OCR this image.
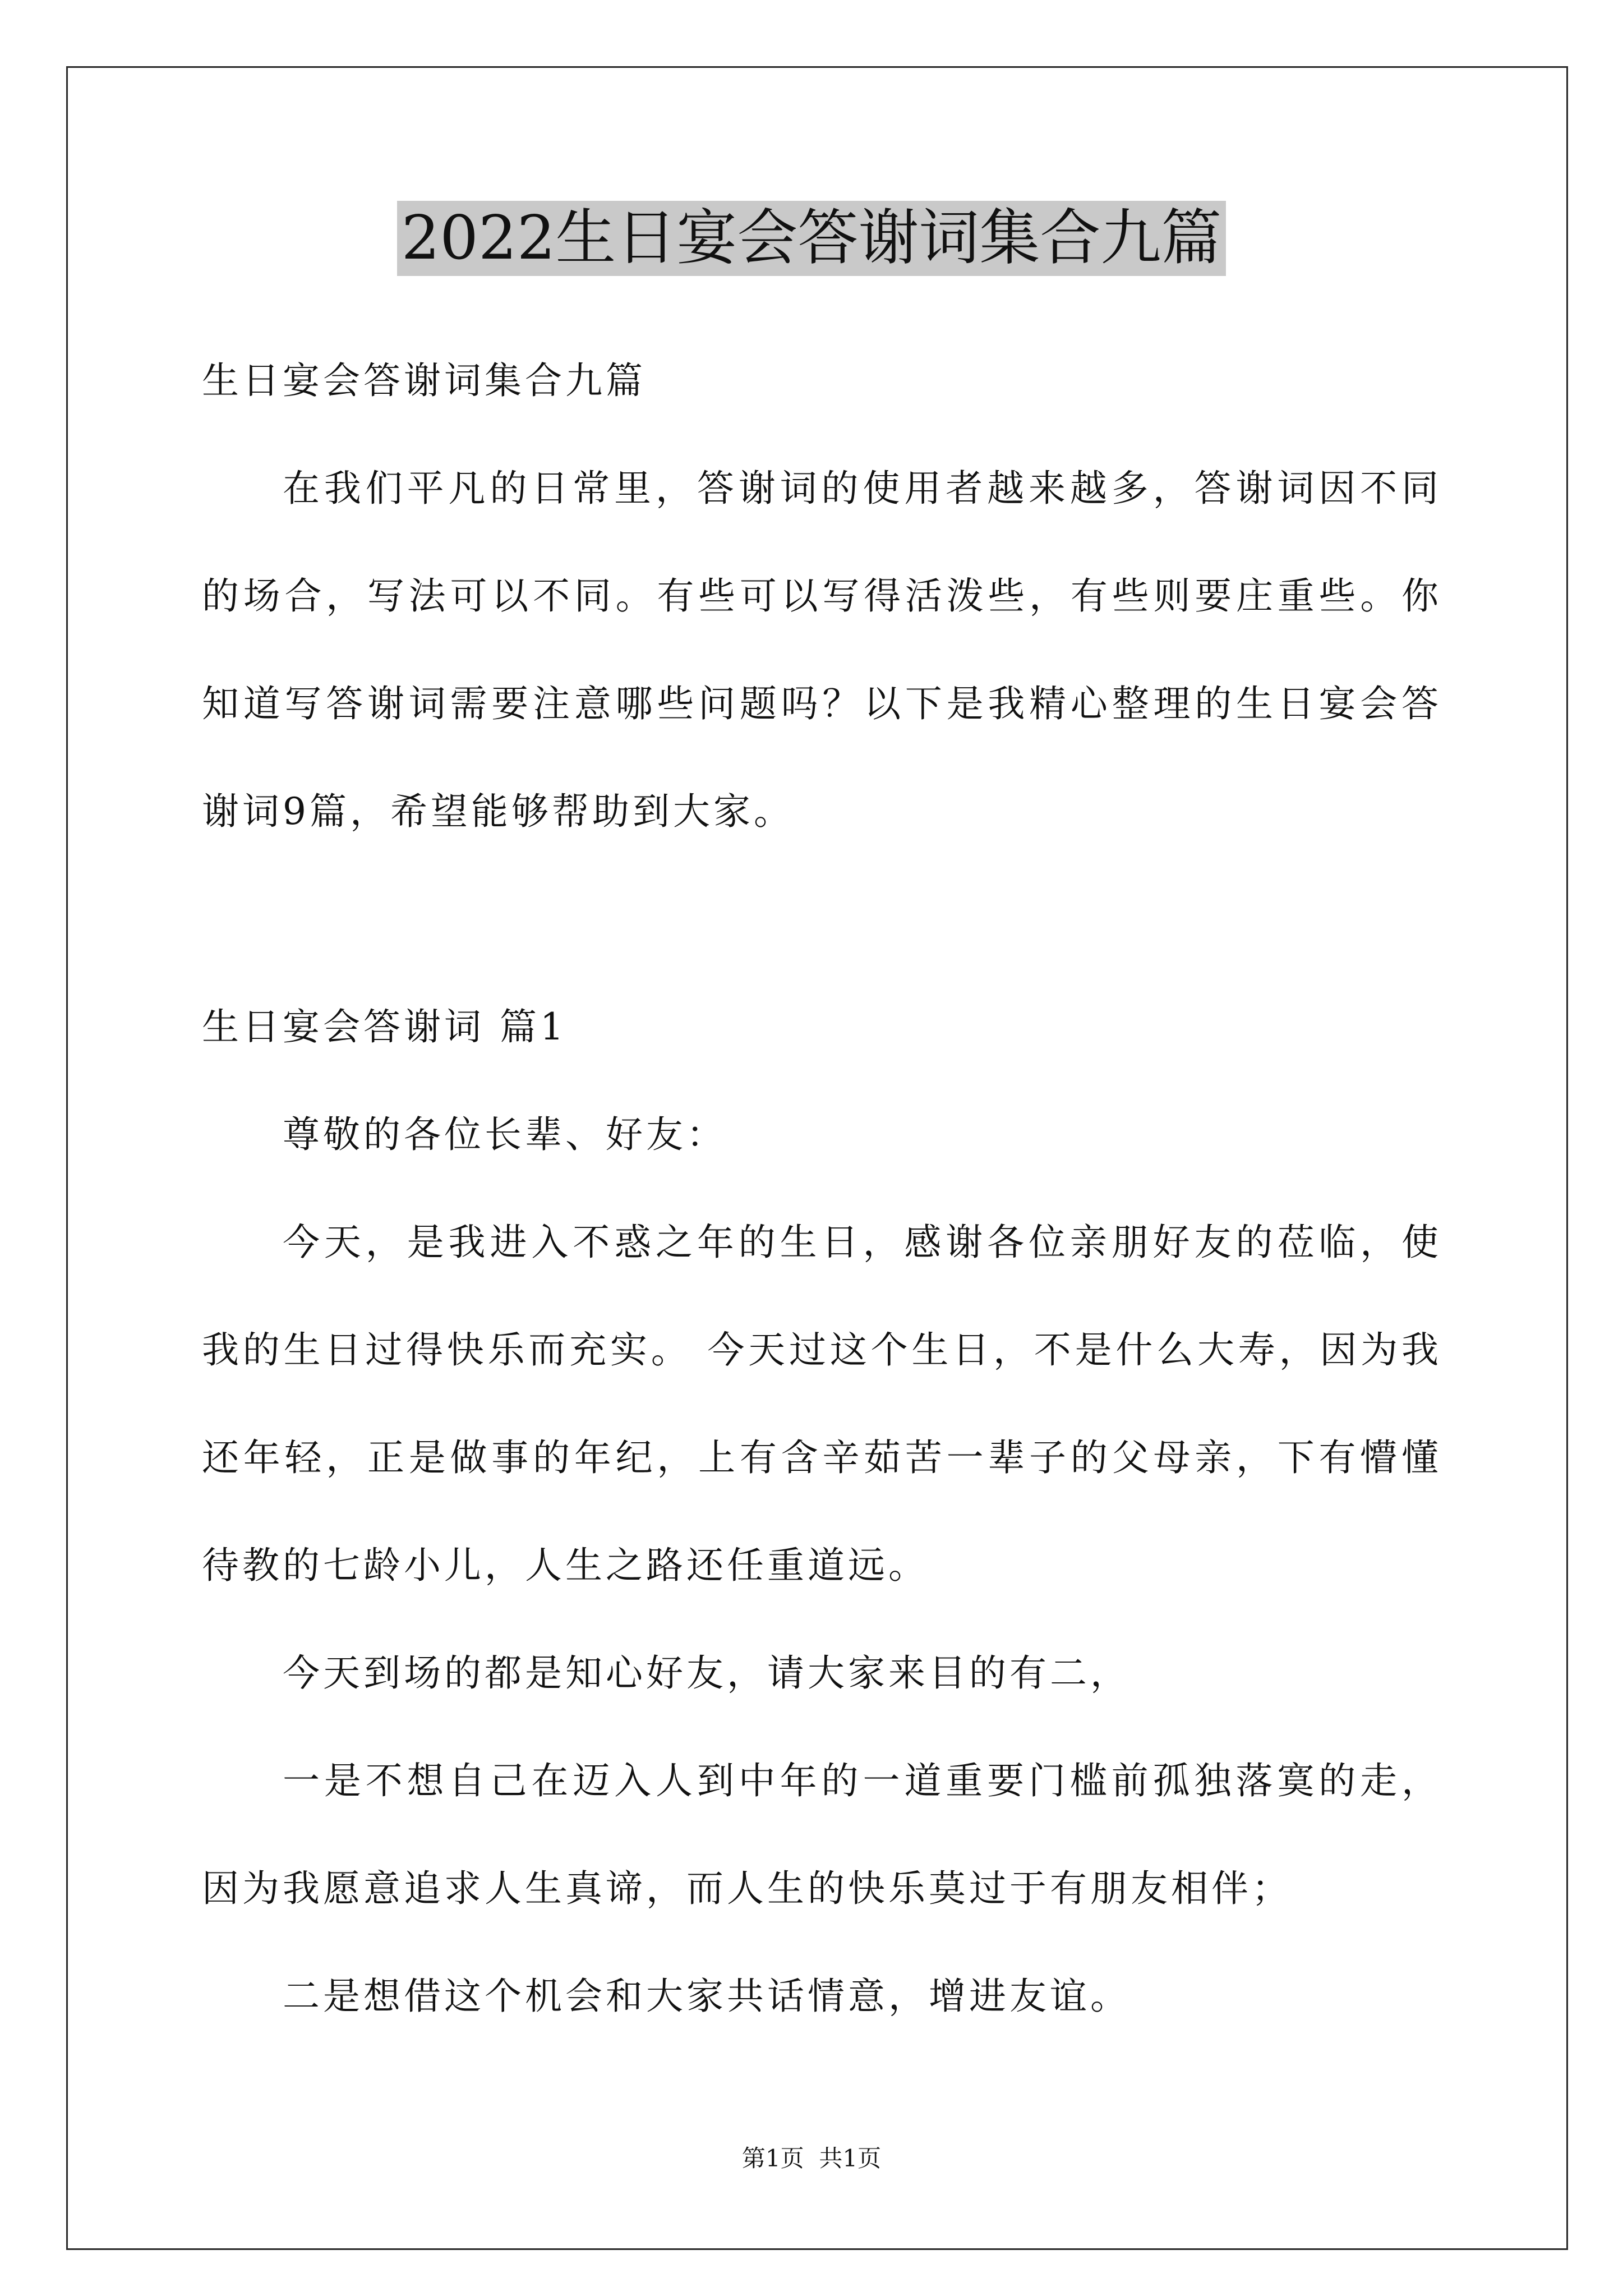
2022生日宴会答谢词集合九篇
生日宴会答谢词集合九篇
在我们平凡的日常里，答谢词的使用者越来越多，答谢词因不同
的场合，写法可以不同。有些可以写得活泼些，有些则要庄重些。你
知道写答谢词需要注意哪些问题吗？以下是我精心整理的生日宴会答
谢词9篇，希望能够帮助到大家。
生日宴会答谢词 篇1
尊敬的各位长辈、好友：
今天，是我进入不惑之年的生日，感谢各位亲朋好友的莅临，使
我的生日过得快乐而充实。 今天过这个生日，不是什么大寿，因为我
还年轻，正是做事的年纪，上有含辛茹苦一辈子的父母亲，下有懵懂
待教的七龄小儿，人生之路还任重道远。
今天到场的都是知心好友，请大家来目的有二，
一是不想自己在迈入人到中年的一道重要门槛前孤独落寞的走，
因为我愿意追求人生真谛，而人生的快乐莫过于有朋友相伴；
二是想借这个机会和大家共话情意，增进友谊。
第1页  共1页
